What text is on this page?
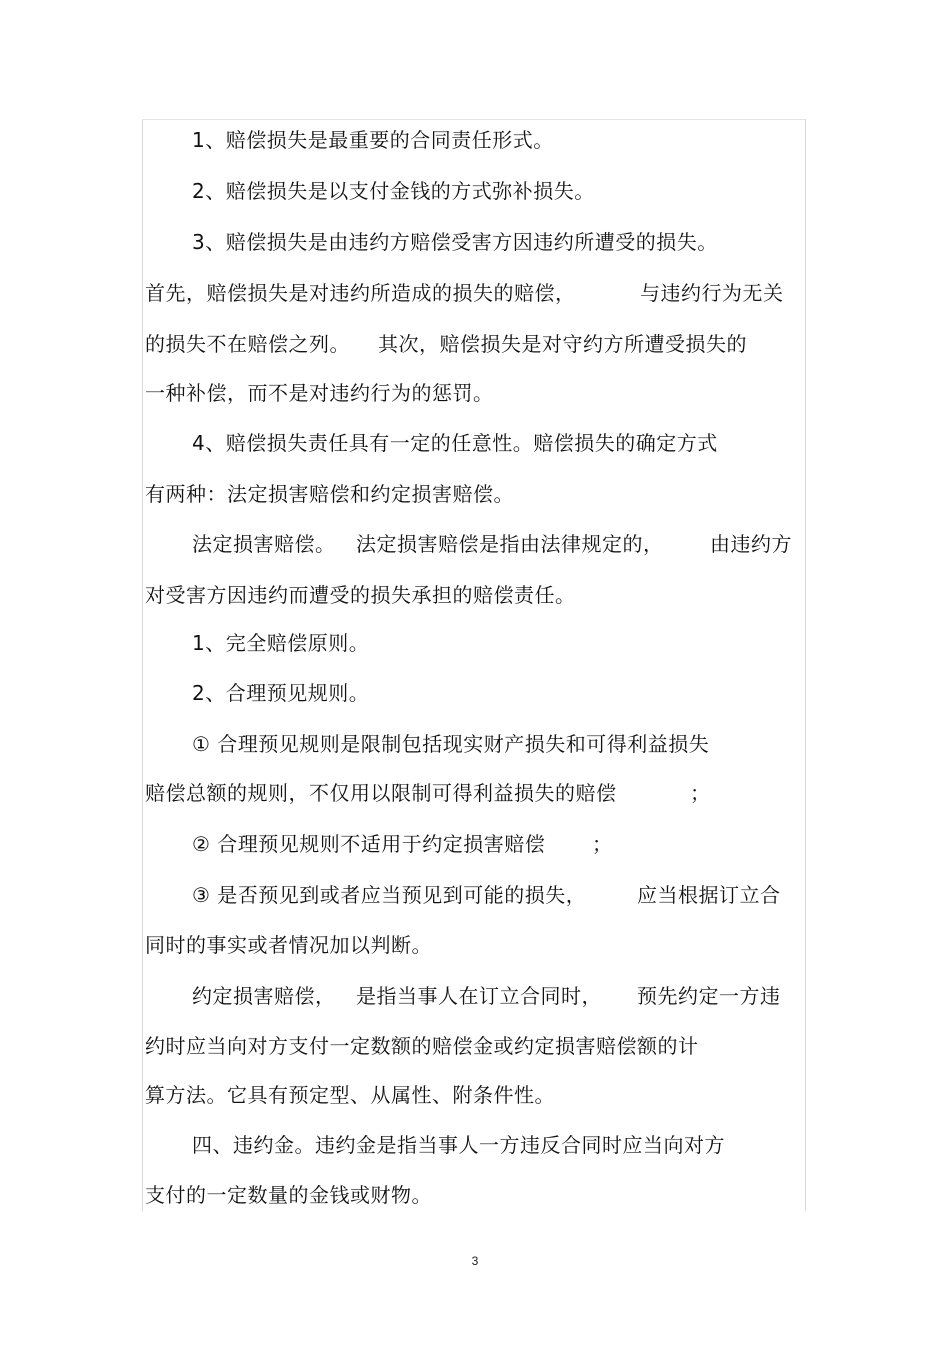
1、赔偿损失是最重要的合同责任形式。
2、赔偿损失是以支付金钱的方式弥补损失。
3、赔偿损失是由违约方赔偿受害方因违约所遭受的损失。
首先，赔偿损失是对违约所造成的损失的赔偿，	与违约行为无关
的损失不在赔偿之列。 其次，赔偿损失是对守约方所遭受损失的
一种补偿，而不是对违约行为的惩罚。
4、赔偿损失责任具有一定的任意性。赔偿损失的确定方式
有两种：法定损害赔偿和约定损害赔偿。
法定损害赔偿。 法定损害赔偿是指由法律规定的， 由违约方
对受害方因违约而遭受的损失承担的赔偿责任。
1、完全赔偿原则。
2、合理预见规则。
① 合理预见规则是限制包括现实财产损失和可得利益损失
赔偿总额的规则，不仅用以限制可得利益损失的赔偿	；
② 合理预见规则不适用于约定损害赔偿 ；
③ 是否预见到或者应当预见到可能的损失，	应当根据订立合
同时的事实或者情况加以判断。
约定损害赔偿， 是指当事人在订立合同时， 预先约定一方违
约时应当向对方支付一定数额的赔偿金或约定损害赔偿额的计
算方法。它具有预定型、从属性、附条件性。
四、违约金。违约金是指当事人一方违反合同时应当向对方
支付的一定数量的金钱或财物。
3
